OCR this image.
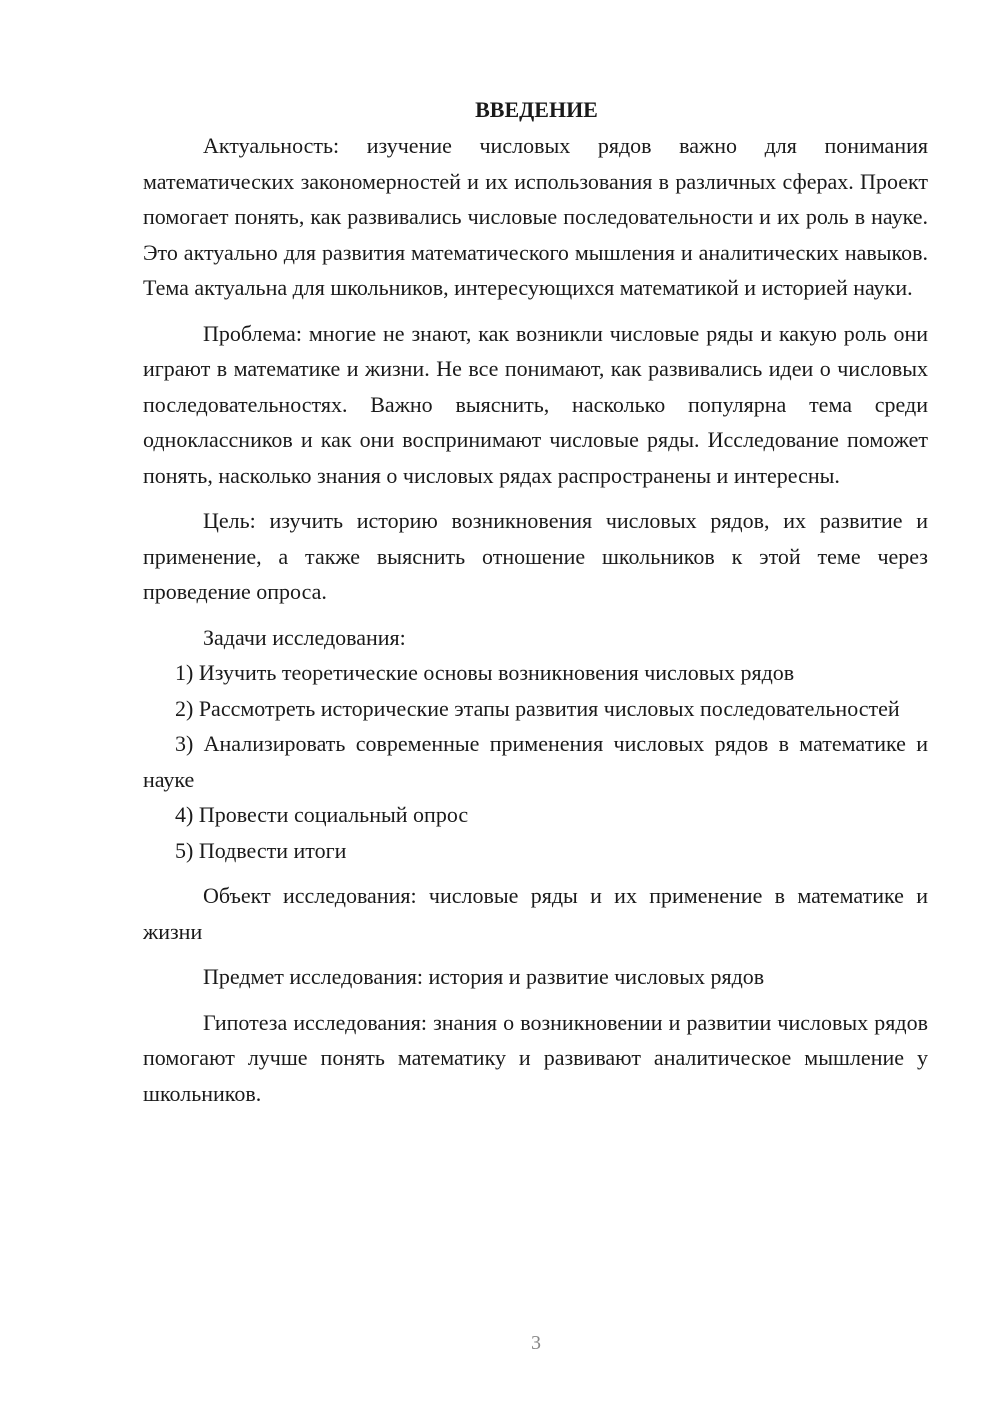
ВВЕДЕНИЕ

Актуальность: изучение числовых рядов важно для понимания математических закономерностей и их использования в различных сферах. Проект помогает понять, как развивались числовые последовательности и их роль в науке. Это актуально для развития математического мышления и аналитических навыков. Тема актуальна для школьников, интересующихся математикой и историей науки.

Проблема: многие не знают, как возникли числовые ряды и какую роль они играют в математике и жизни. Не все понимают, как развивались идеи о числовых последовательностях. Важно выяснить, насколько популярна тема среди одноклассников и как они воспринимают числовые ряды. Исследование поможет понять, насколько знания о числовых рядах распространены и интересны.

Цель: изучить историю возникновения числовых рядов, их развитие и применение, а также выяснить отношение школьников к этой теме через проведение опроса.

Задачи исследования:

1) Изучить теоретические основы возникновения числовых рядов

2) Рассмотреть исторические этапы развития числовых последовательностей

3) Анализировать современные применения числовых рядов в математике и науке

4) Провести социальный опрос

5) Подвести итоги

Объект исследования: числовые ряды и их применение в математике и жизни

Предмет исследования: история и развитие числовых рядов

Гипотеза исследования: знания о возникновении и развитии числовых рядов помогают лучше понять математику и развивают аналитическое мышление у школьников.

3
